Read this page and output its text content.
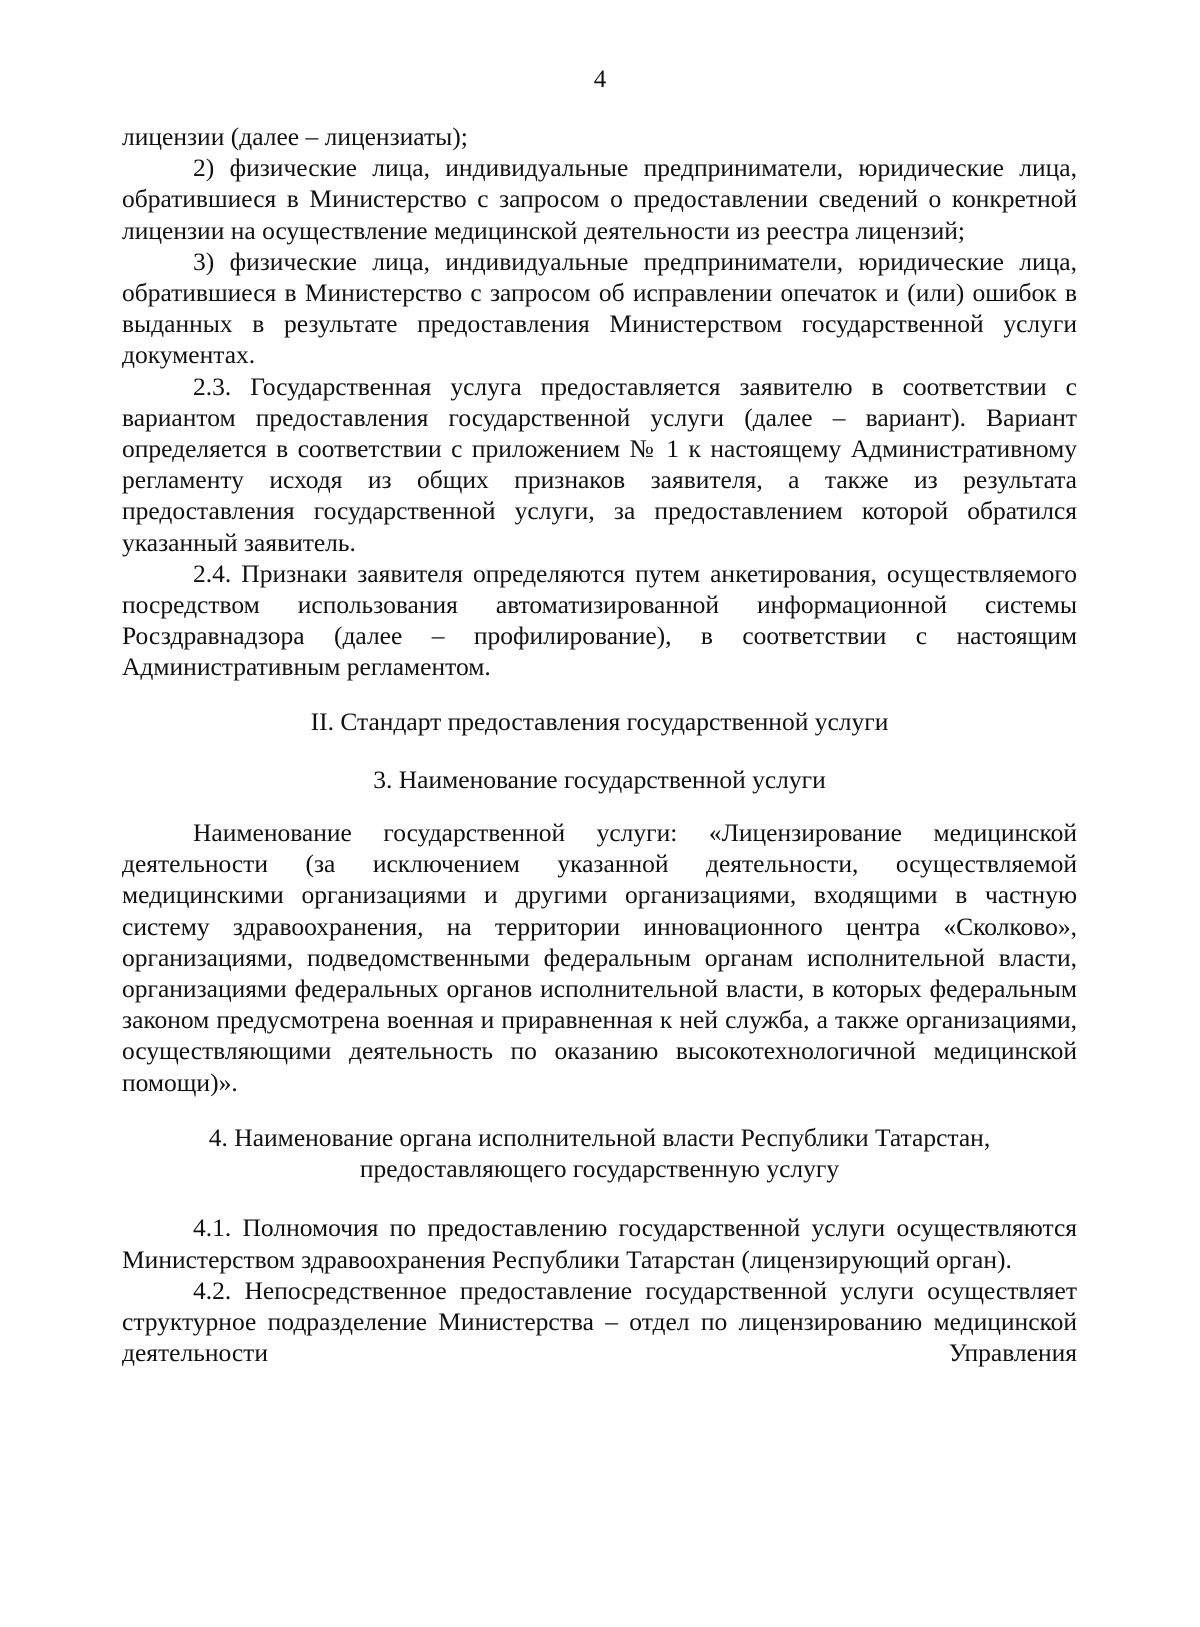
4

лицензии (далее – лицензиаты);

2) физические лица, индивидуальные предприниматели, юридические лица, обратившиеся в Министерство с запросом о предоставлении сведений о конкретной лицензии на осуществление медицинской деятельности из реестра лицензий;

3) физические лица, индивидуальные предприниматели, юридические лица, обратившиеся в Министерство с запросом об исправлении опечаток и (или) ошибок в выданных в результате предоставления Министерством государственной услуги документах.

2.3. Государственная услуга предоставляется заявителю в соответствии с вариантом предоставления государственной услуги (далее – вариант). Вариант определяется в соответствии с приложением № 1 к настоящему Административному регламенту исходя из общих признаков заявителя, а также из результата предоставления государственной услуги, за предоставлением которой обратился указанный заявитель.

2.4. Признаки заявителя определяются путем анкетирования, осуществляемого посредством использования автоматизированной информационной системы Росздравнадзора (далее – профилирование), в соответствии с настоящим Административным регламентом.

II. Стандарт предоставления государственной услуги

3. Наименование государственной услуги

Наименование государственной услуги: «Лицензирование медицинской деятельности (за исключением указанной деятельности, осуществляемой медицинскими организациями и другими организациями, входящими в частную систему здравоохранения, на территории инновационного центра «Сколково», организациями, подведомственными федеральным органам исполнительной власти, организациями федеральных органов исполнительной власти, в которых федеральным законом предусмотрена военная и приравненная к ней служба, а также организациями, осуществляющими деятельность по оказанию высокотехнологичной медицинской помощи)».

4. Наименование органа исполнительной власти Республики Татарстан,

предоставляющего государственную услугу

4.1. Полномочия по предоставлению государственной услуги осуществляются Министерством здравоохранения Республики Татарстан (лицензирующий орган).

4.2. Непосредственное предоставление государственной услуги осуществляет структурное подразделение Министерства – отдел по лицензированию медицинской деятельности Управления
